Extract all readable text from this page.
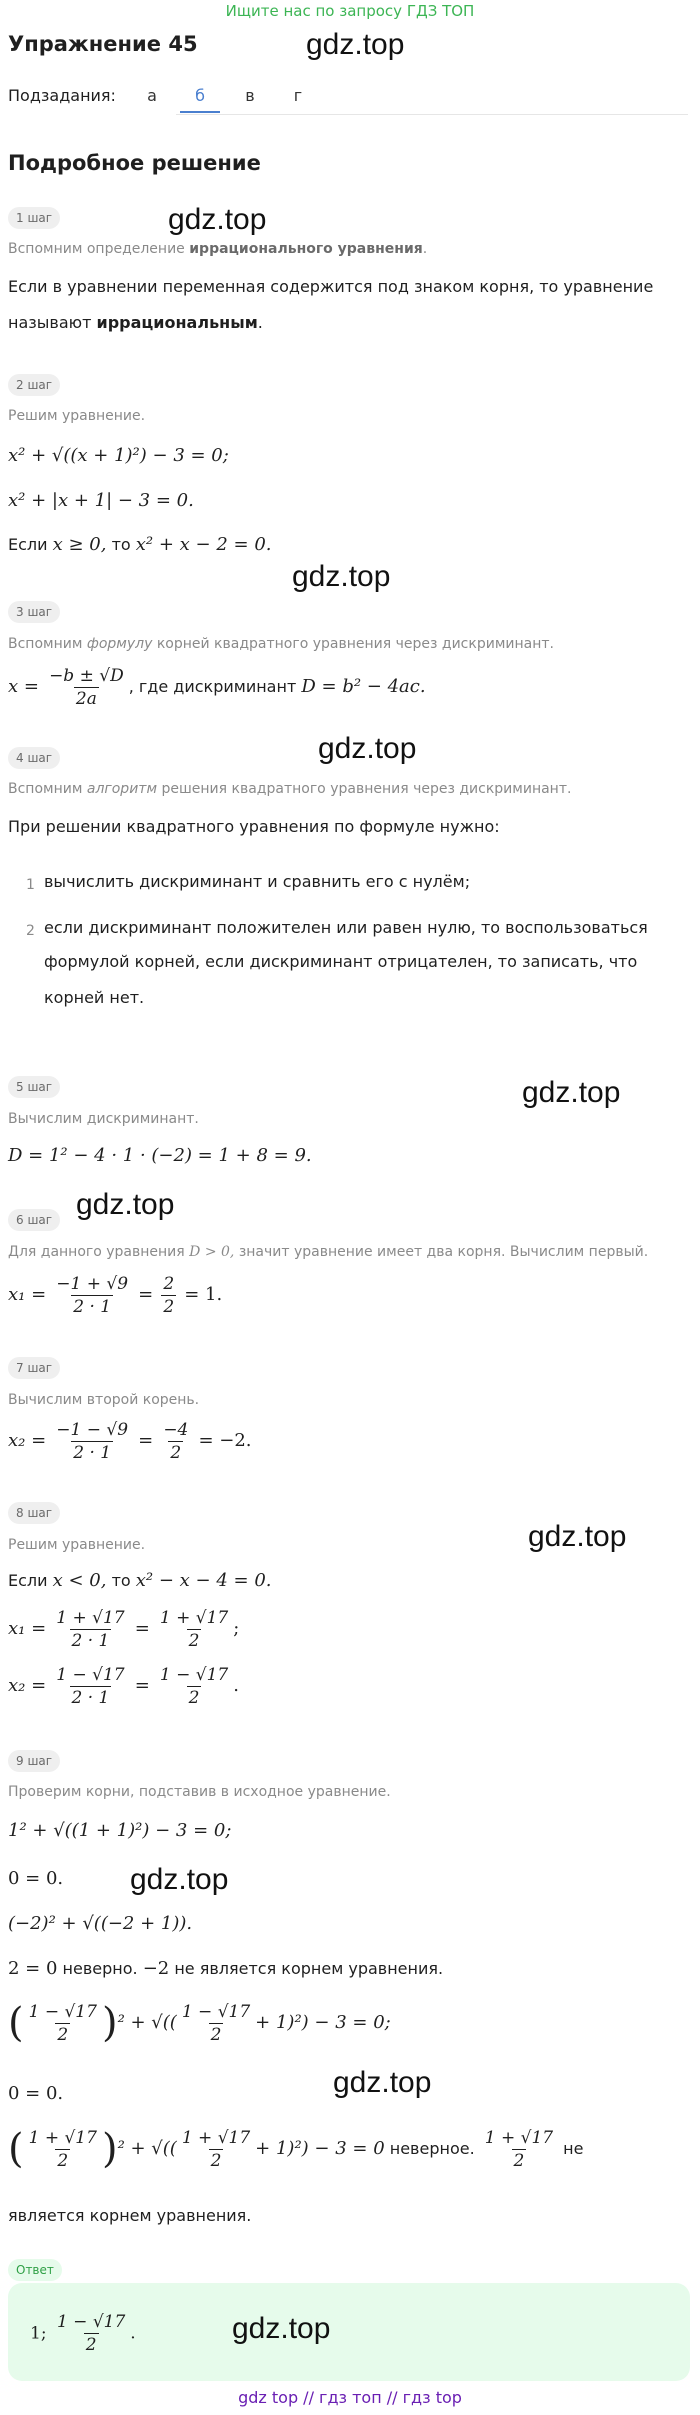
Ищите нас по запросу ГДЗ ТОП
Упражнение 45	gdz.top
Подзадания:	а	б	в	г
Подробное решение
1 шаг	gdz.top
Вспомним определение иррационального уравнения.
Если в уравнении переменная содержится под знаком корня, то уравнение
называют иррациональным.
2 шаг
Решим уравнение.
x² + √((x + 1)²) − 3 = 0;
x² + |x + 1| − 3 = 0.
Если x ≥ 0, то x² + x − 2 = 0.
gdz.top
3 шаг
Вспомним формулу корней квадратного уравнения через дискриминант.
$x = \frac{-b \pm √D}{2a}$ , где дискриминант D = b² − 4ac.
gdz.top
4 шаг
Вспомним алгоритм решения квадратного уравнения через дискриминант.
При решении квадратного уравнения по формуле нужно:
1 вычислить дискриминант и сравнить его с нулём;
2 если дискриминант положителен или равен нулю, то воспользоваться
формулой корней, если дискриминант отрицателен, то записать, что
корней нет.
5 шаг	gdz.top
Вычислим дискриминант.
D = 1² − 4 · 1 · (−2) = 1 + 8 = 9.
gdz.top
6 шаг
Для данного уравнения D > 0, значит уравнение имеет два корня. Вычислим первый.
$x_1 = \frac{-1 + √9}{2 \cdot 1} = \frac{2}{2} = 1$.
7 шаг
Вычислим второй корень.
$x_2 = \frac{-1 - √9}{2 \cdot 1} = \frac{-4}{2} = -2$.
8 шаг
gdz.top
Решим уравнение.
Если x < 0, то x² − x − 4 = 0.
$x_1 = \frac{1 + √17}{2 \cdot 1} = \frac{1 + √17}{2}$ ;
$x_2 = \frac{1 - √17}{2 \cdot 1} = \frac{1 - √17}{2}$ .
9 шаг
Проверим корни, подставив в исходное уравнение.
1² + √((1 + 1)²) − 3 = 0;
gdz.top
0 = 0.
(−2)² + √((−2 + 1)).
2 = 0 неверно. −2 не является корнем уравнения.
( $\frac{1 - √17}{2} )^2$ + √(( $\frac{1 - √17}{2} + 1)^2) - 3 = 0$;
gdz.top
0 = 0.
( $\frac{1 + √17}{2} )^2$ + √(( $\frac{1 + √17}{2} + 1)^2) - 3 = 0$ неверное. $\frac{1 + √17}{2}$ не
является корнем уравнения.
Ответ
1; $\frac{1 - √17}{2}$ .	gdz.top
gdz top // гдз топ // гдз top
